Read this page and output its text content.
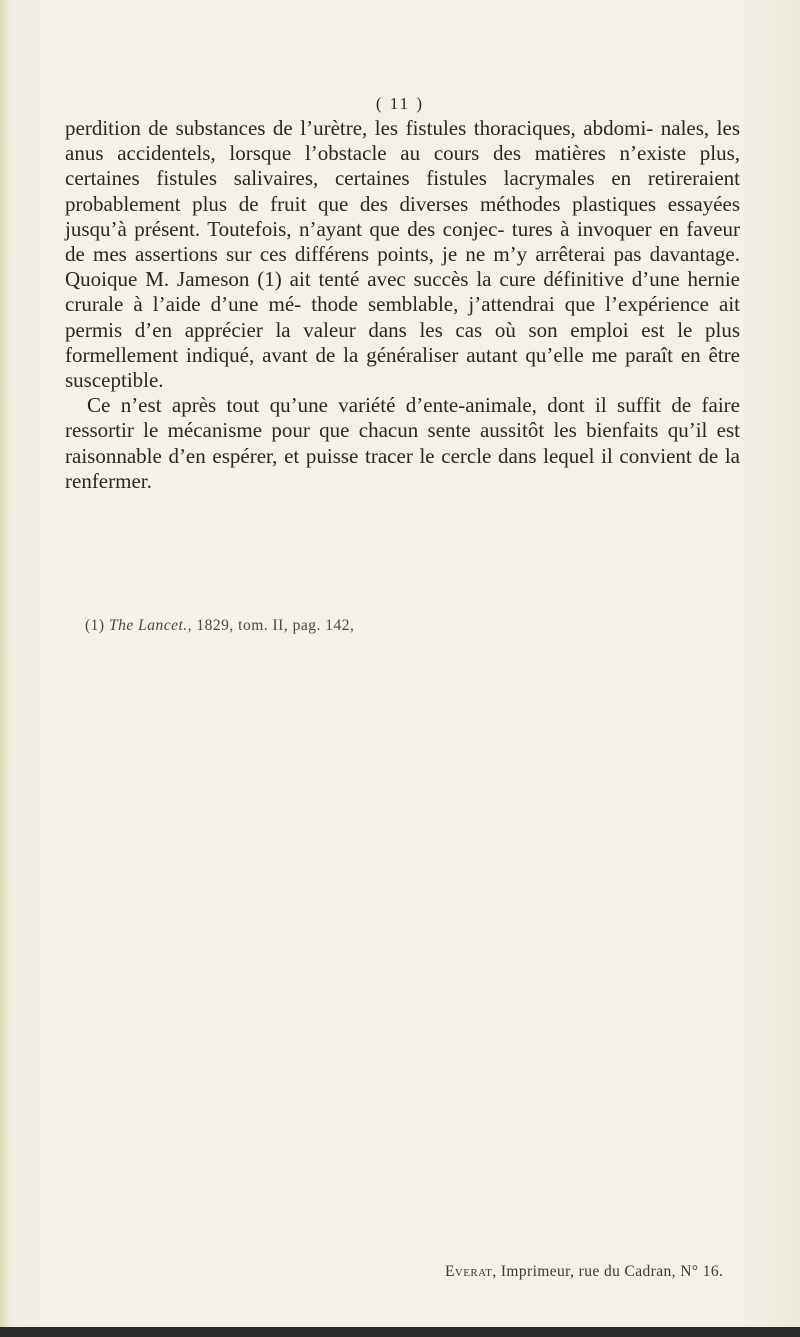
( 11 )

perdition de substances de l’urètre, les fistules thoraciques, abdomi- nales, les anus accidentels, lorsque l’obstacle au cours des matières n’existe plus, certaines fistules salivaires, certaines fistules lacrymales en retireraient probablement plus de fruit que des diverses méthodes plastiques essayées jusqu’à présent. Toutefois, n’ayant que des conjec- tures à invoquer en faveur de mes assertions sur ces différens points, je ne m’y arrêterai pas davantage. Quoique M. Jameson (1) ait tenté avec succès la cure définitive d’une hernie crurale à l’aide d’une mé- thode semblable, j’attendrai que l’expérience ait permis d’en apprécier la valeur dans les cas où son emploi est le plus formellement indiqué, avant de la généraliser autant qu’elle me paraît en être susceptible.

Ce n’est après tout qu’une variété d’ente-animale, dont il suffit de faire ressortir le mécanisme pour que chacun sente aussitôt les bienfaits qu’il est raisonnable d’en espérer, et puisse tracer le cercle dans lequel il convient de la renfermer.

(1) The Lancet., 1829, tom. II, pag. 142,
Everat, Imprimeur, rue du Cadran, N° 16.
